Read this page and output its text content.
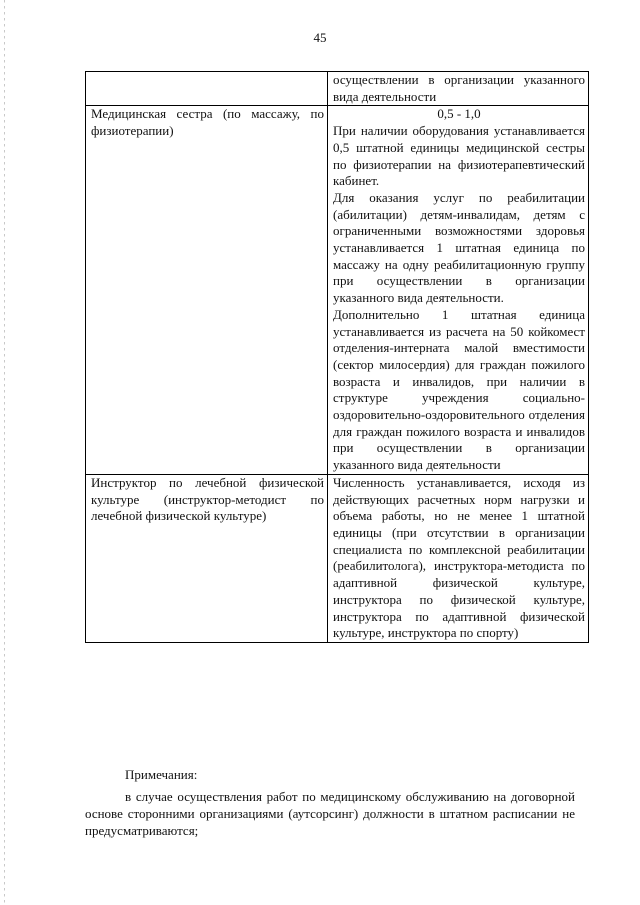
45

	осуществлении в организации указанного вида деятельности

Медицинская сестра (по массажу, по физиотерапии)	0,5 - 1,0
При наличии оборудования устанавливается 0,5 штатной единицы медицинской сестры по физиотерапии на физиотерапевтический кабинет.
Для оказания услуг по реабилитации (абилитации) детям-инвалидам, детям с ограниченными возможностями здоровья устанавливается 1 штатная единица по массажу на одну реабилитационную группу при осуществлении в организации указанного вида деятельности.
Дополнительно 1 штатная единица устанавливается из расчета на 50 койкомест отделения-интерната малой вместимости (сектор милосердия) для граждан пожилого возраста и инвалидов, при наличии в структуре учреждения социально-оздоровительно-оздоровительного отделения для граждан пожилого возраста и инвалидов при осуществлении в организации указанного вида деятельности

Инструктор по лечебной физической культуре (инструктор-методист по лечебной физической культуре)	Численность устанавливается, исходя из действующих расчетных норм нагрузки и объема работы, но не менее 1 штатной единицы (при отсутствии в организации специалиста по комплексной реабилитации (реабилитолога), инструктора-методиста по адаптивной физической культуре, инструктора по физической культуре, инструктора по адаптивной физической культуре, инструктора по спорту)

Примечания:

в случае осуществления работ по медицинскому обслуживанию на договорной основе сторонними организациями (аутсорсинг) должности в штатном расписании не предусматриваются;
